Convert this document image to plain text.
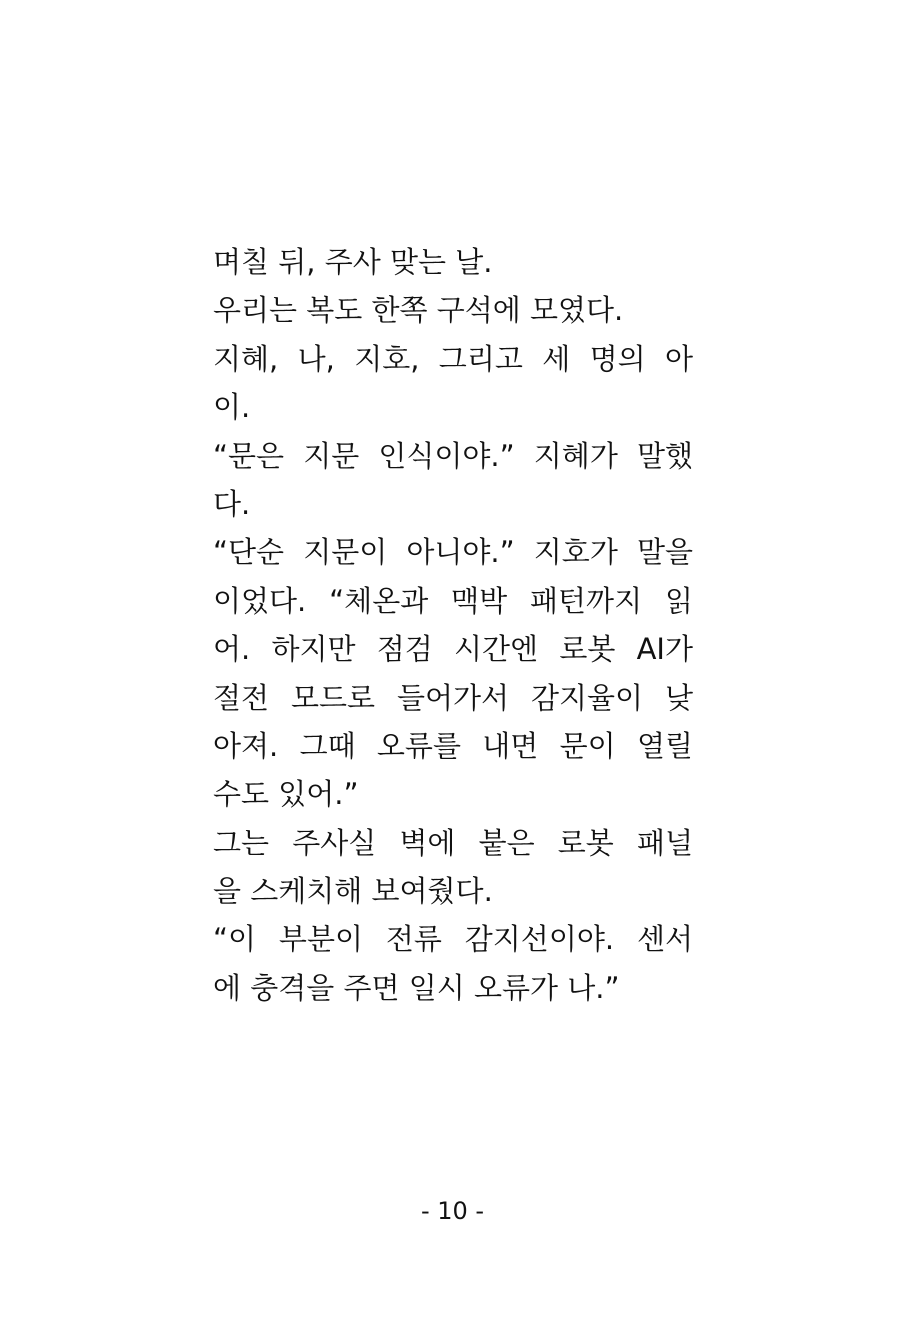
며칠 뒤, 주사 맞는 날.
우리는 복도 한쪽 구석에 모였다.
지혜, 나, 지호, 그리고 세 명의 아
이.
“문은 지문 인식이야.” 지혜가 말했
다.
“단순 지문이 아니야.” 지호가 말을
이었다. “체온과 맥박 패턴까지 읽
어. 하지만 점검 시간엔 로봇 AI가
절전 모드로 들어가서 감지율이 낮
아져. 그때 오류를 내면 문이 열릴
수도 있어.”
그는 주사실 벽에 붙은 로봇 패널
을 스케치해 보여줬다.
“이 부분이 전류 감지선이야. 센서
에 충격을 주면 일시 오류가 나.”
- 10 -
